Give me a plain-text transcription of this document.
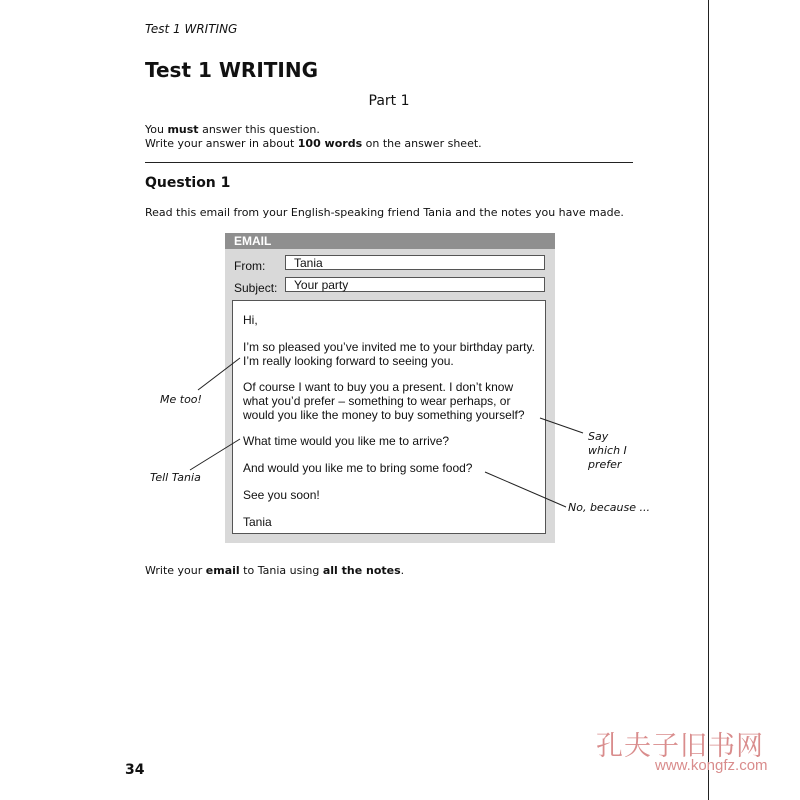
Test 1 WRITING
Test 1 WRITING
Part 1
You must answer this question.
Write your answer in about 100 words on the answer sheet.
Question 1
Read this email from your English-speaking friend Tania and the notes you have made.
EMAIL
From:	Tania
Subject:	Your party
Hi,
I’m so pleased you’ve invited me to your birthday party.
I’m really looking forward to seeing you.
Of course I want to buy you a present. I don’t know
what you’d prefer – something to wear perhaps, or
would you like the money to buy something yourself?
What time would you like me to arrive?
And would you like me to bring some food?
See you soon!
Tania
Me too!
Say
which I
prefer
Tell Tania
No, because ...
Write your email to Tania using all the notes.
34
孔夫子旧书网
www.kongfz.com
